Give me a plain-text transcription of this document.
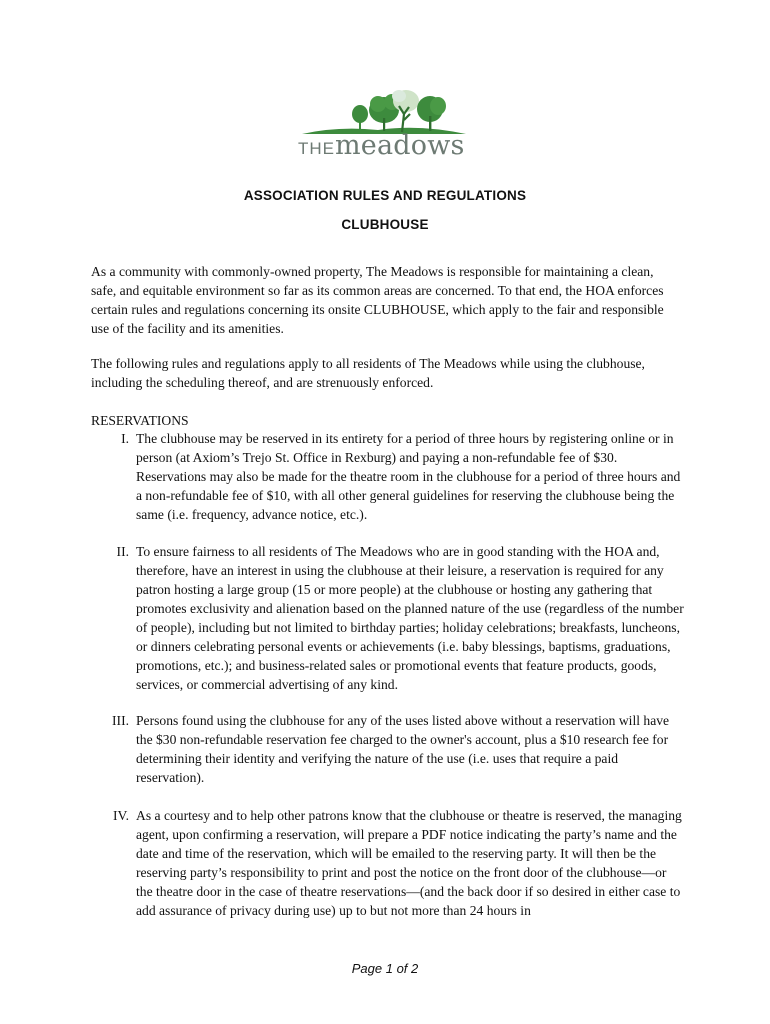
THEmeadows
ASSOCIATION RULES AND REGULATIONS
CLUBHOUSE

As a community with commonly-owned property, The Meadows is responsible for maintaining a clean, safe, and equitable environment so far as its common areas are concerned. To that end, the HOA enforces certain rules and regulations concerning its onsite CLUBHOUSE, which apply to the fair and responsible use of the facility and its amenities.

The following rules and regulations apply to all residents of The Meadows while using the clubhouse, including the scheduling thereof, and are strenuously enforced.

RESERVATIONS
I. The clubhouse may be reserved in its entirety for a period of three hours by registering online or in person (at Axiom’s Trejo St. Office in Rexburg) and paying a non-refundable fee of $30. Reservations may also be made for the theatre room in the clubhouse for a period of three hours and a non-refundable fee of $10, with all other general guidelines for reserving the clubhouse being the same (i.e. frequency, advance notice, etc.).

II. To ensure fairness to all residents of The Meadows who are in good standing with the HOA and, therefore, have an interest in using the clubhouse at their leisure, a reservation is required for any patron hosting a large group (15 or more people) at the clubhouse or hosting any gathering that promotes exclusivity and alienation based on the planned nature of the use (regardless of the number of people), including but not limited to birthday parties; holiday celebrations; breakfasts, luncheons, or dinners celebrating personal events or achievements (i.e. baby blessings, baptisms, graduations, promotions, etc.); and business-related sales or promotional events that feature products, goods, services, or commercial advertising of any kind.

III. Persons found using the clubhouse for any of the uses listed above without a reservation will have the $30 non-refundable reservation fee charged to the owner's account, plus a $10 research fee for determining their identity and verifying the nature of the use (i.e. uses that require a paid reservation).

IV. As a courtesy and to help other patrons know that the clubhouse or theatre is reserved, the managing agent, upon confirming a reservation, will prepare a PDF notice indicating the party’s name and the date and time of the reservation, which will be emailed to the reserving party. It will then be the reserving party’s responsibility to print and post the notice on the front door of the clubhouse—or the theatre door in the case of theatre reservations—(and the back door if so desired in either case to add assurance of privacy during use) up to but not more than 24 hours in

Page 1 of 2
